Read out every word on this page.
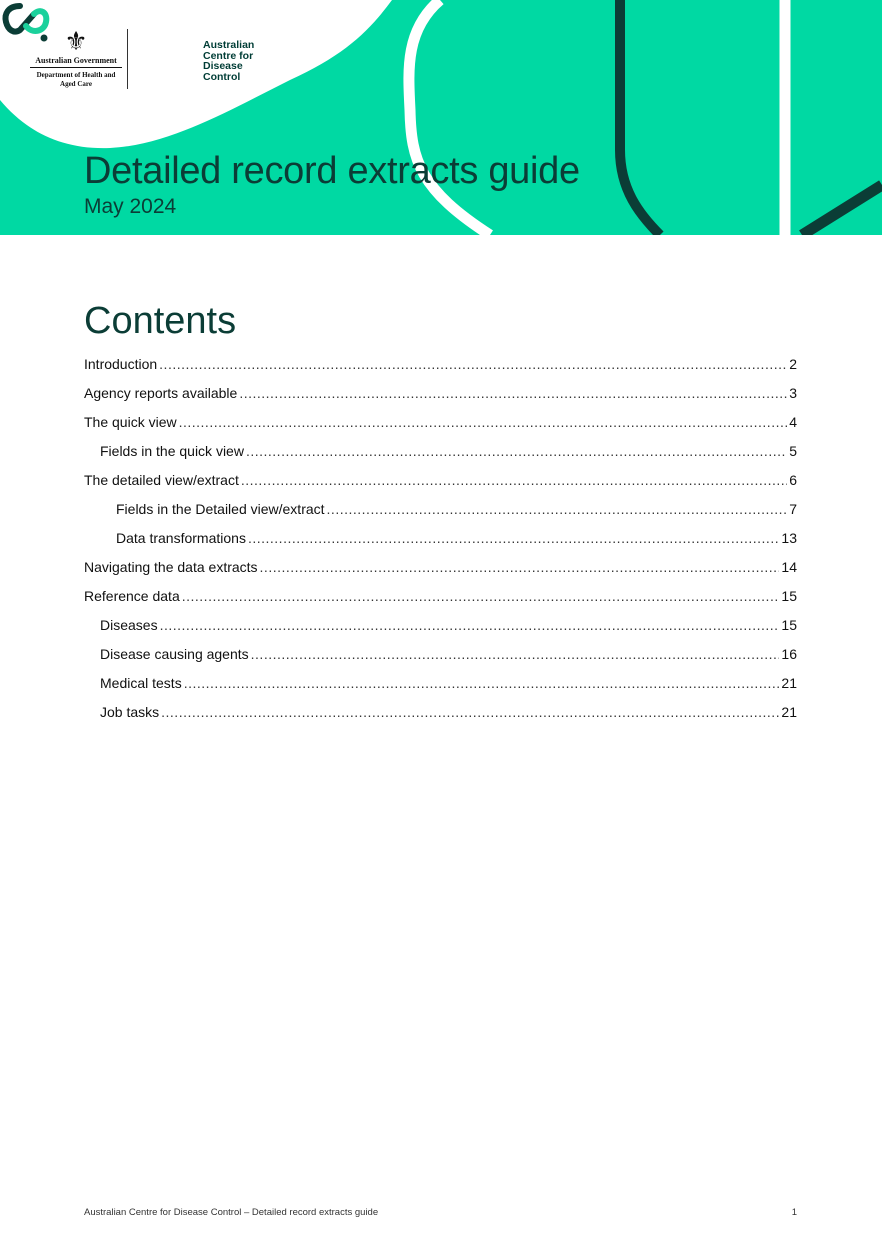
⚜
Australian Government
Department of Health and Aged Care
Australian
Centre for
Disease
Control
Detailed record extracts guide
May 2024
Contents
Introduction .....	2
Agency reports available .....	3
The quick view .....	4
Fields in the quick view .....	5
The detailed view/extract .....	6
Fields in the Detailed view/extract .....	7
Data transformations .....	13
Navigating the data extracts .....	14
Reference data .....	15
Diseases .....	15
Disease causing agents .....	16
Medical tests .....	21
Job tasks .....	21
Australian Centre for Disease Control – Detailed record extracts guide	1
